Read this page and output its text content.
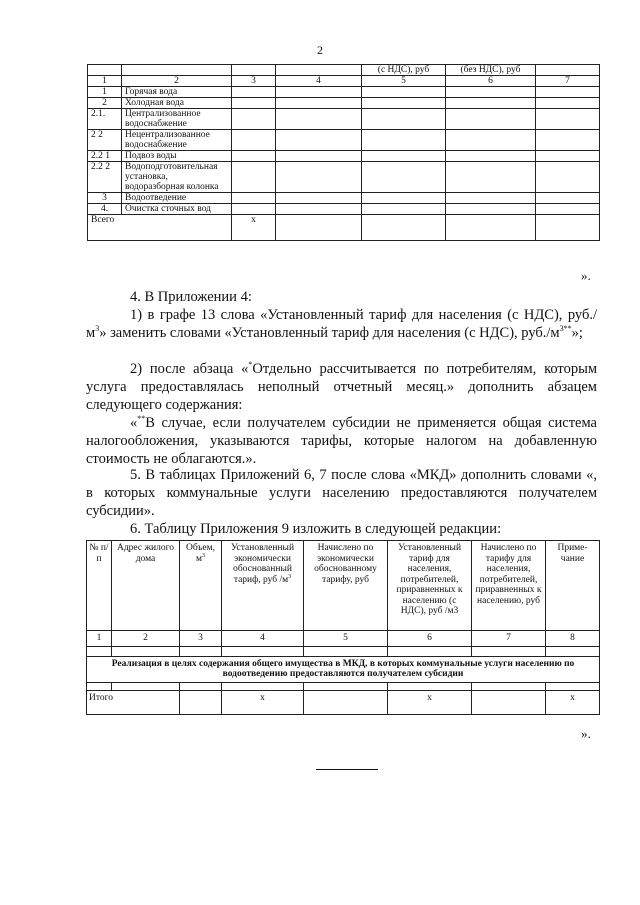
2
				(с НДС), руб	(без НДС), руб	
1	2	3	4	5	6	7
1	Горячая вода					
2	Холодная вода					
2.1.	Централизованное водоснабжение					
2 2	Нецентрализованное водоснабжение					
2.2 1	Подвоз воды					
2.2 2	Водоподготовительная установка, водоразборная колонка					
3	Водоотведение					
4.	Очистка сточных вод					
Всего		х				
».
4. В Приложении 4:
1) в графе 13 слова «Установленный тариф для населения (с НДС), $руб./м^3$» заменить словами «Установленный тариф для населения (с НДС), $руб./м^{3**}$»;
2) после абзаца «*Отдельно рассчитывается по потребителям, которым услуга предоставлялась неполный отчетный месяц.» дополнить абзацем следующего содержания:
«**В случае, если получателем субсидии не применяется общая система налогообложения, указываются тарифы, которые налогом на добавленную стоимость не облагаются.».
5. В таблицах Приложений 6, 7 после слова «МКД» дополнить словами «, в которых коммунальные услуги населению предоставляются получателем субсидии».
6. Таблицу Приложения 9 изложить в следующей редакции:
№ п/п	Адрес жилого дома	Объем, $м^3$	Установленный экономически обоснованный тариф, руб $/м^3$	Начислено по экономически обоснованному тарифу, руб	Установленный тариф для населения, потребителей, приравненных к населению (с НДС), руб /м3	Начислено по тарифу для населения, потребителей, приравненных к населению, руб	Приме-чание
1	2	3	4	5	6	7	8

Реализация в целях содержания общего имущества в МКД, в которых коммунальные услуги населению по водоотведению предоставляются получателем субсидии							

Итого			х		х		х
».
